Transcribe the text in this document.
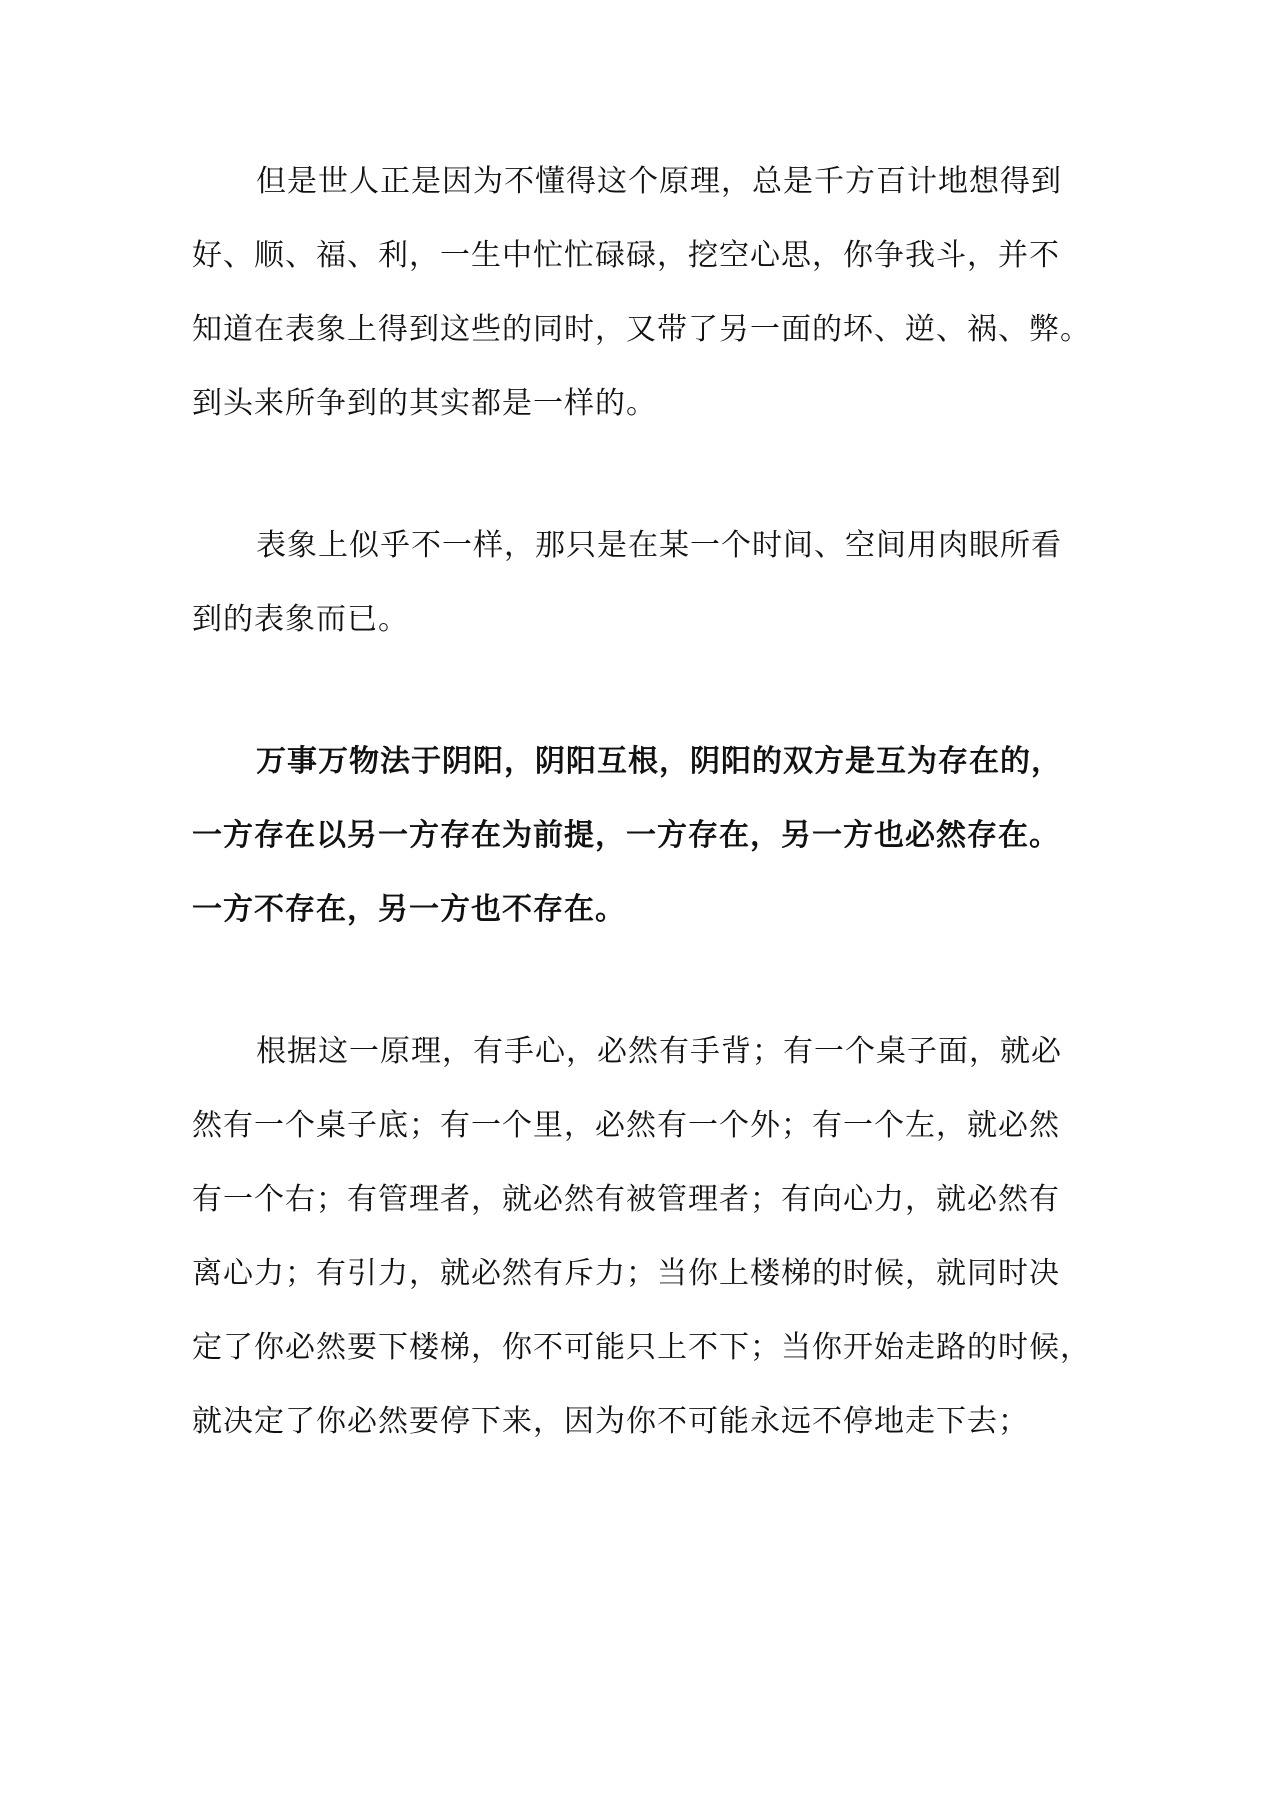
但是世人正是因为不懂得这个原理，总是千方百计地想得到
好、顺、福、利，一生中忙忙碌碌，挖空心思，你争我斗，并不
知道在表象上得到这些的同时，又带了另一面的坏、逆、祸、弊。
到头来所争到的其实都是一样的。
表象上似乎不一样，那只是在某一个时间、空间用肉眼所看
到的表象而已。
万事万物法于阴阳，阴阳互根，阴阳的双方是互为存在的，
一方存在以另一方存在为前提，一方存在，另一方也必然存在。
一方不存在，另一方也不存在。
根据这一原理，有手心，必然有手背；有一个桌子面，就必
然有一个桌子底；有一个里，必然有一个外；有一个左，就必然
有一个右；有管理者，就必然有被管理者；有向心力，就必然有
离心力；有引力，就必然有斥力；当你上楼梯的时候，就同时决
定了你必然要下楼梯，你不可能只上不下；当你开始走路的时候，
就决定了你必然要停下来，因为你不可能永远不停地走下去；
